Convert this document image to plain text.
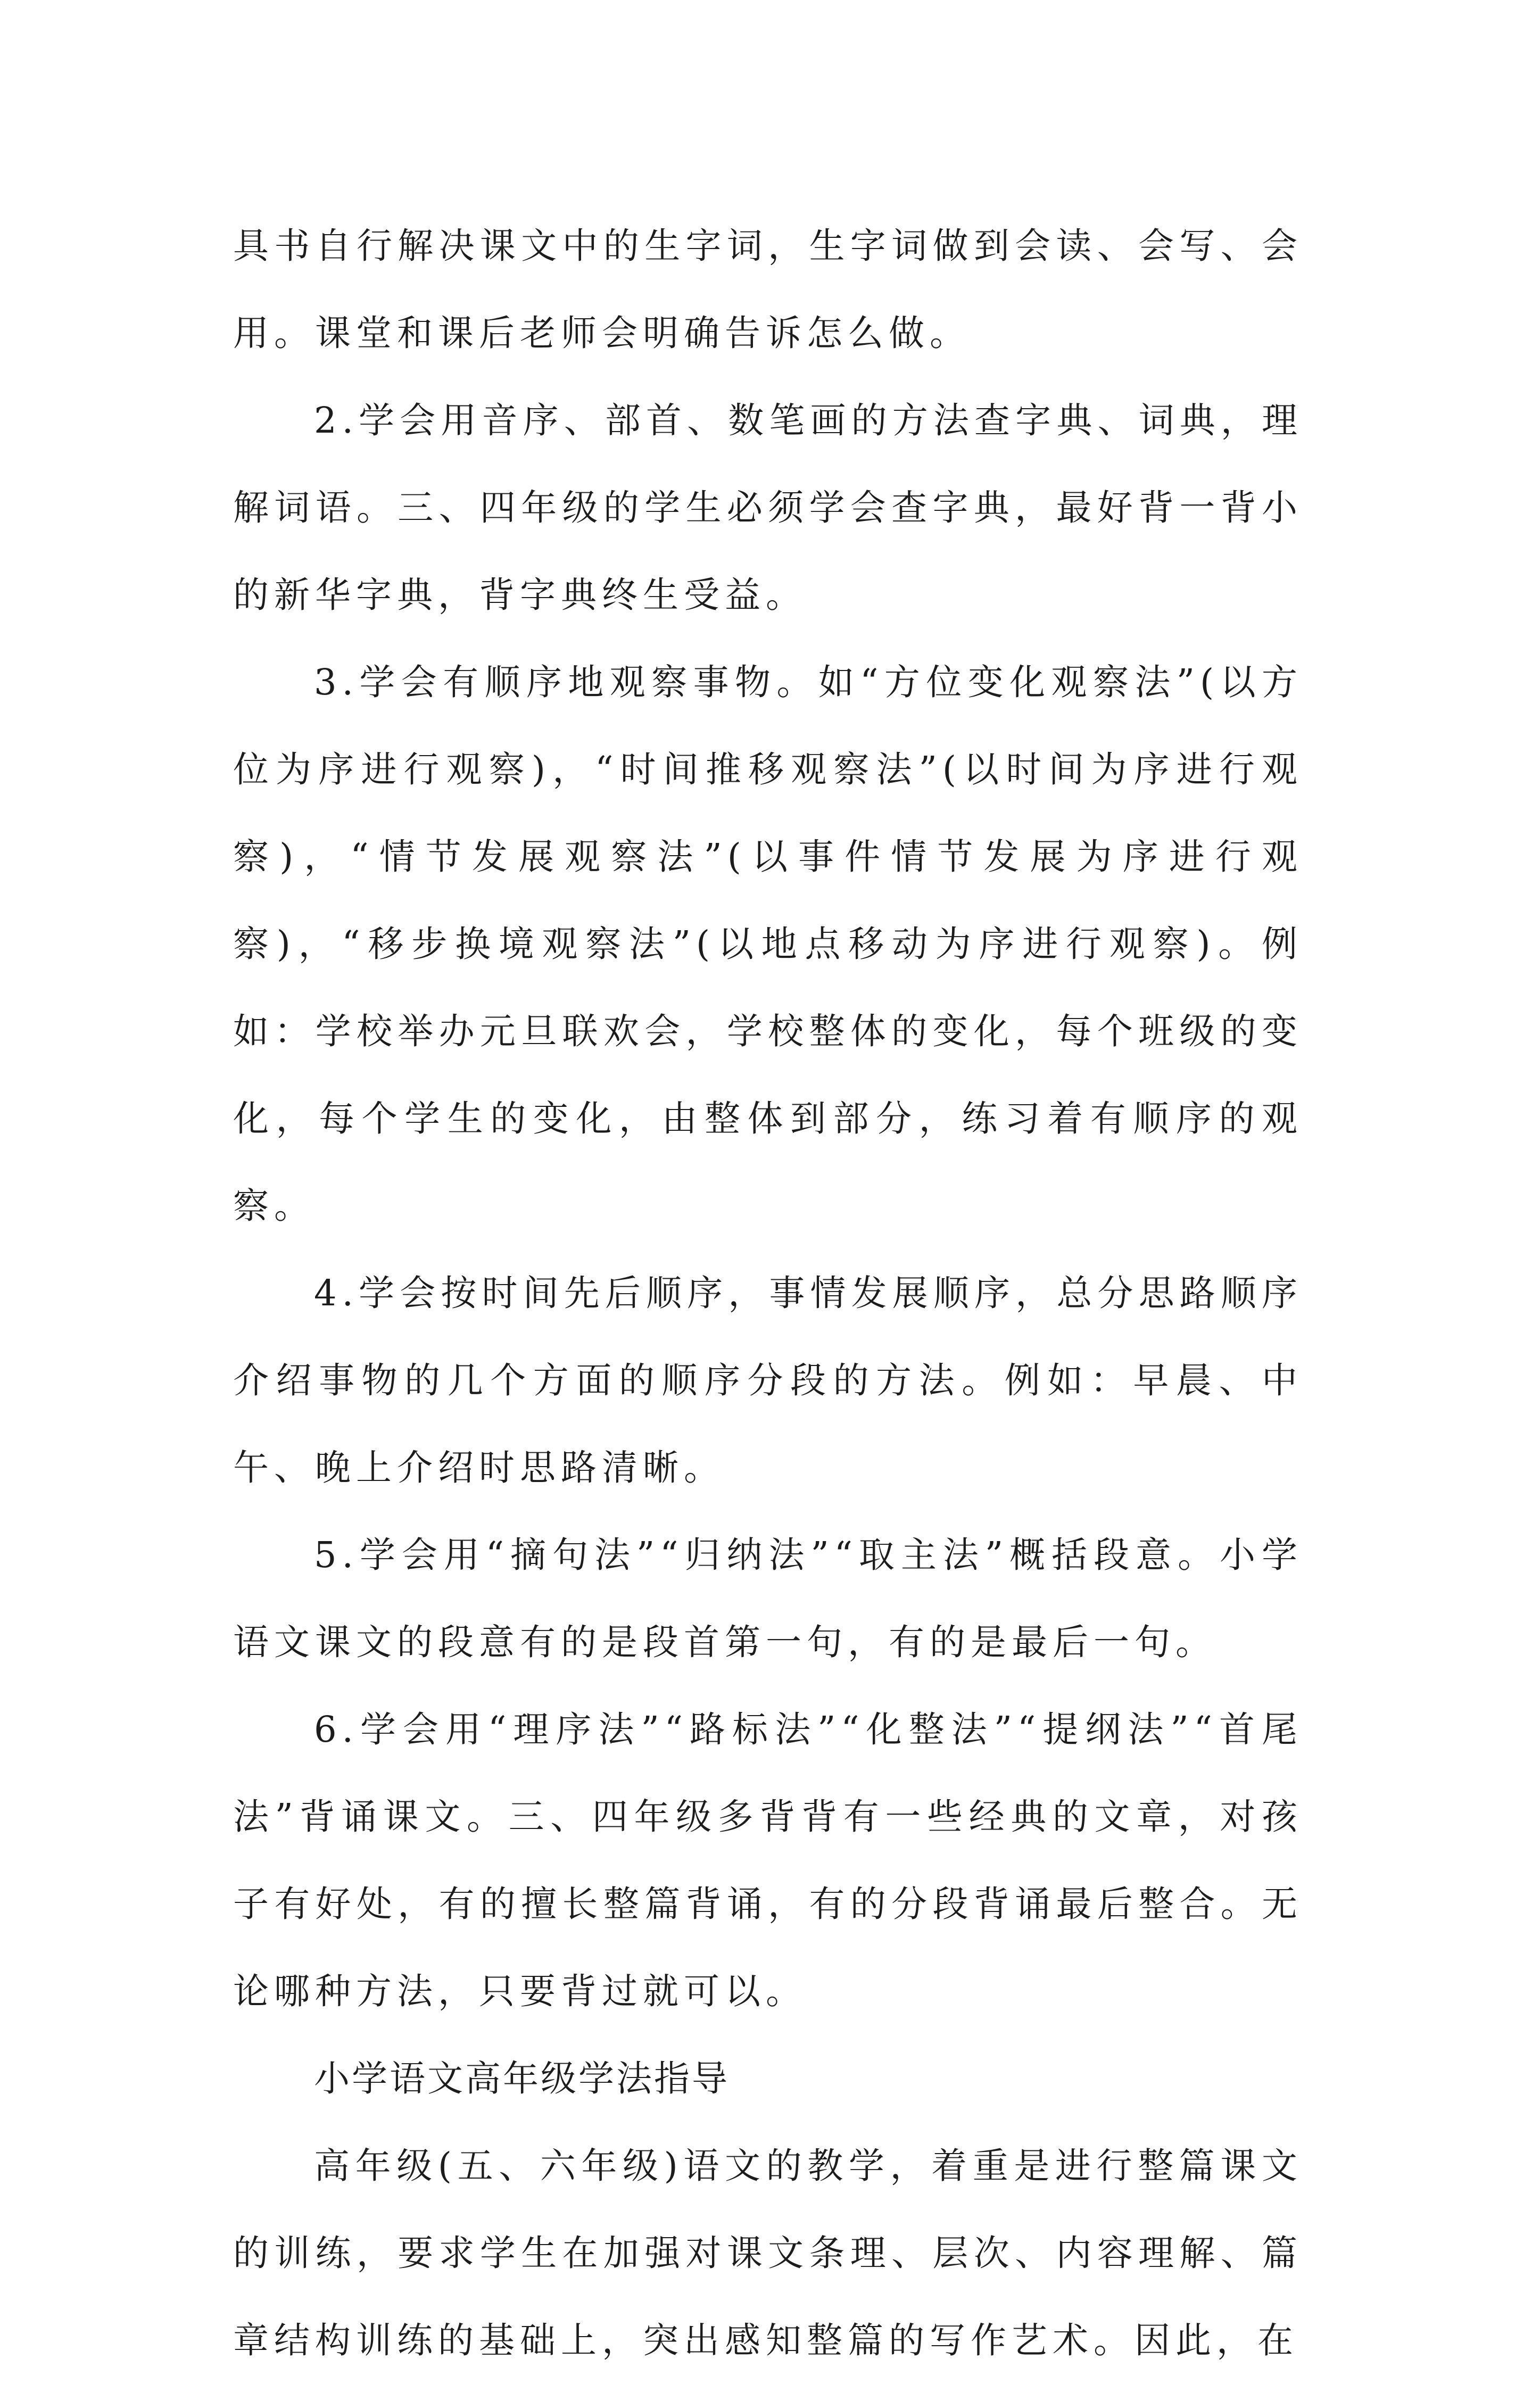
具书自行解决课文中的生字词，生字词做到会读、会写、会用。课堂和课后老师会明确告诉怎么做。

2.学会用音序、部首、数笔画的方法查字典、词典，理解词语。三、四年级的学生必须学会查字典，最好背一背小的新华字典，背字典终生受益。

3.学会有顺序地观察事物。如“方位变化观察法”(以方位为序进行观察)，“时间推移观察法”(以时间为序进行观察)，“情节发展观察法”(以事件情节发展为序进行观察)，“移步换境观察法”(以地点移动为序进行观察)。例如：学校举办元旦联欢会，学校整体的变化，每个班级的变化，每个学生的变化，由整体到部分，练习着有顺序的观察。

4.学会按时间先后顺序，事情发展顺序，总分思路顺序介绍事物的几个方面的顺序分段的方法。例如：早晨、中午、晚上介绍时思路清晰。

5.学会用“摘句法”“归纳法”“取主法”概括段意。小学语文课文的段意有的是段首第一句，有的是最后一句。

6.学会用“理序法”“路标法”“化整法”“提纲法”“首尾法”背诵课文。三、四年级多背背有一些经典的文章，对孩子有好处，有的擅长整篇背诵，有的分段背诵最后整合。无论哪种方法，只要背过就可以。

小学语文高年级学法指导

高年级(五、六年级)语文的教学，着重是进行整篇课文的训练，要求学生在加强对课文条理、层次、内容理解、篇章结构训练的基础上，突出感知整篇的写作艺术。因此，在
